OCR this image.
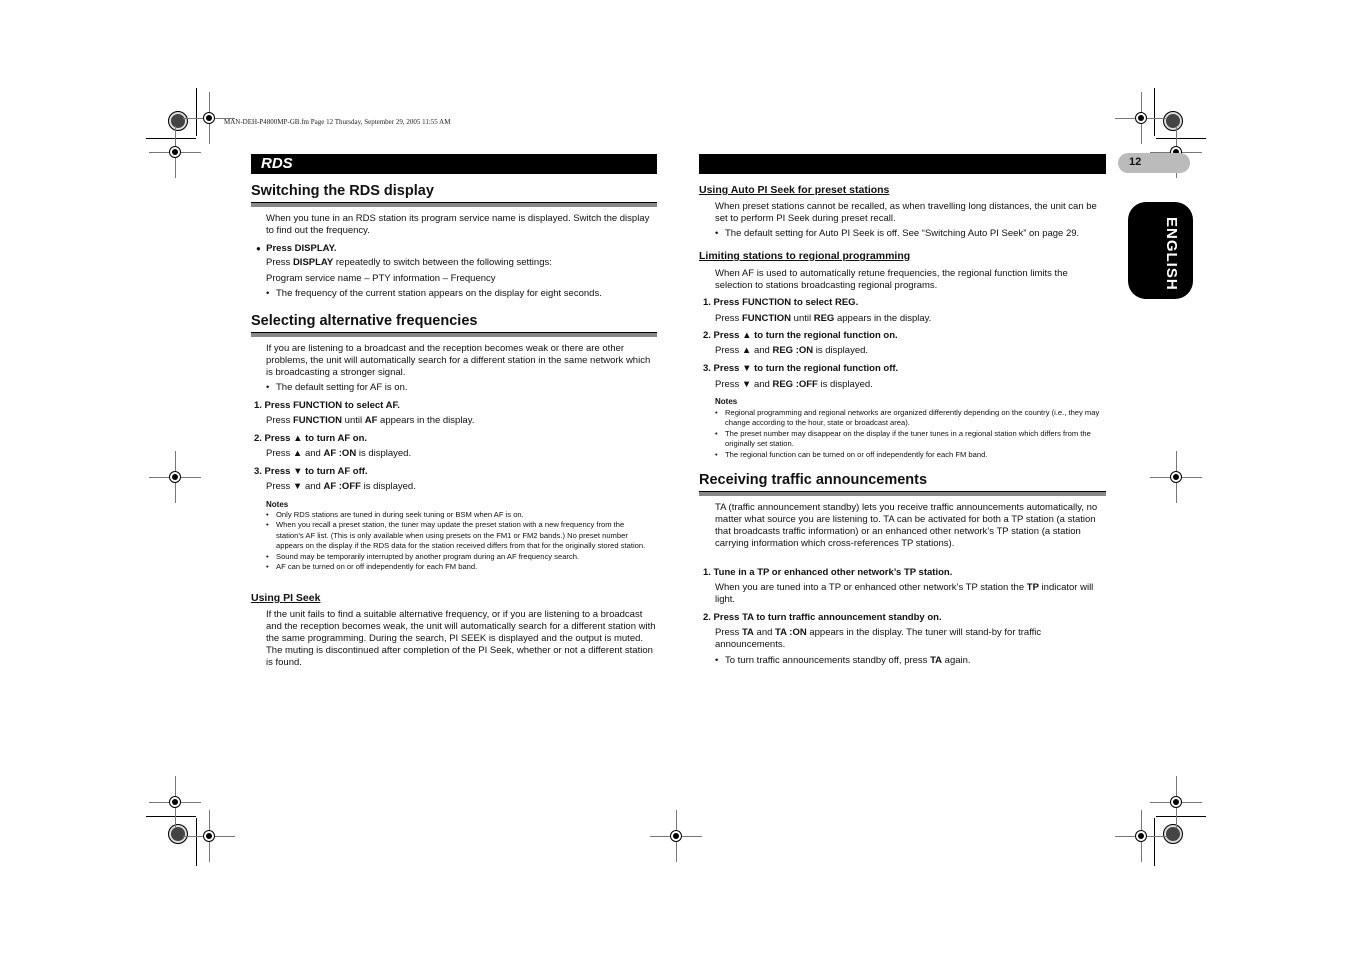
MAN-DEH-P4800MP-GB.fm Page 12 Thursday, September 29, 2005 11:55 AM
RDS	12
ENGLISH
Switching the RDS display
When you tune in an RDS station its program service name is displayed. Switch the display to find out the frequency.
● Press DISPLAY.
Press DISPLAY repeatedly to switch between the following settings:
Program service name – PTY information – Frequency
• The frequency of the current station appears on the display for eight seconds.
Selecting alternative frequencies
If you are listening to a broadcast and the reception becomes weak or there are other problems, the unit will automatically search for a different station in the same network which is broadcasting a stronger signal.
• The default setting for AF is on.
1. Press FUNCTION to select AF.
Press FUNCTION until AF appears in the display.
2. Press ▲ to turn AF on.
Press ▲ and AF :ON is displayed.
3. Press ▼ to turn AF off.
Press ▼ and AF :OFF is displayed.
Notes
• Only RDS stations are tuned in during seek tuning or BSM when AF is on.
• When you recall a preset station, the tuner may update the preset station with a new frequency from the station’s AF list. (This is only available when using presets on the FM1 or FM2 bands.) No preset number appears on the display if the RDS data for the station received differs from that for the originally stored station.
• Sound may be temporarily interrupted by another program during an AF frequency search.
• AF can be turned on or off independently for each FM band.
Using PI Seek
If the unit fails to find a suitable alternative frequency, or if you are listening to a broadcast and the reception becomes weak, the unit will automatically search for a different station with the same programming. During the search, PI SEEK is displayed and the output is muted. The muting is discontinued after completion of the PI Seek, whether or not a different station is found.
Using Auto PI Seek for preset stations
When preset stations cannot be recalled, as when travelling long distances, the unit can be set to perform PI Seek during preset recall.
• The default setting for Auto PI Seek is off. See “Switching Auto PI Seek” on page 29.
Limiting stations to regional programming
When AF is used to automatically retune frequencies, the regional function limits the selection to stations broadcasting regional programs.
1. Press FUNCTION to select REG.
Press FUNCTION until REG appears in the display.
2. Press ▲ to turn the regional function on.
Press ▲ and REG :ON is displayed.
3. Press ▼ to turn the regional function off.
Press ▼ and REG :OFF is displayed.
Notes
• Regional programming and regional networks are organized differently depending on the country (i.e., they may change according to the hour, state or broadcast area).
• The preset number may disappear on the display if the tuner tunes in a regional station which differs from the originally set station.
• The regional function can be turned on or off independently for each FM band.
Receiving traffic announcements
TA (traffic announcement standby) lets you receive traffic announcements automatically, no matter what source you are listening to. TA can be activated for both a TP station (a station that broadcasts traffic information) or an enhanced other network’s TP station (a station carrying information which cross-references TP stations).
1. Tune in a TP or enhanced other network’s TP station.
When you are tuned into a TP or enhanced other network’s TP station the TP indicator will light.
2. Press TA to turn traffic announcement standby on.
Press TA and TA :ON appears in the display. The tuner will stand-by for traffic announcements.
• To turn traffic announcements standby off, press TA again.
